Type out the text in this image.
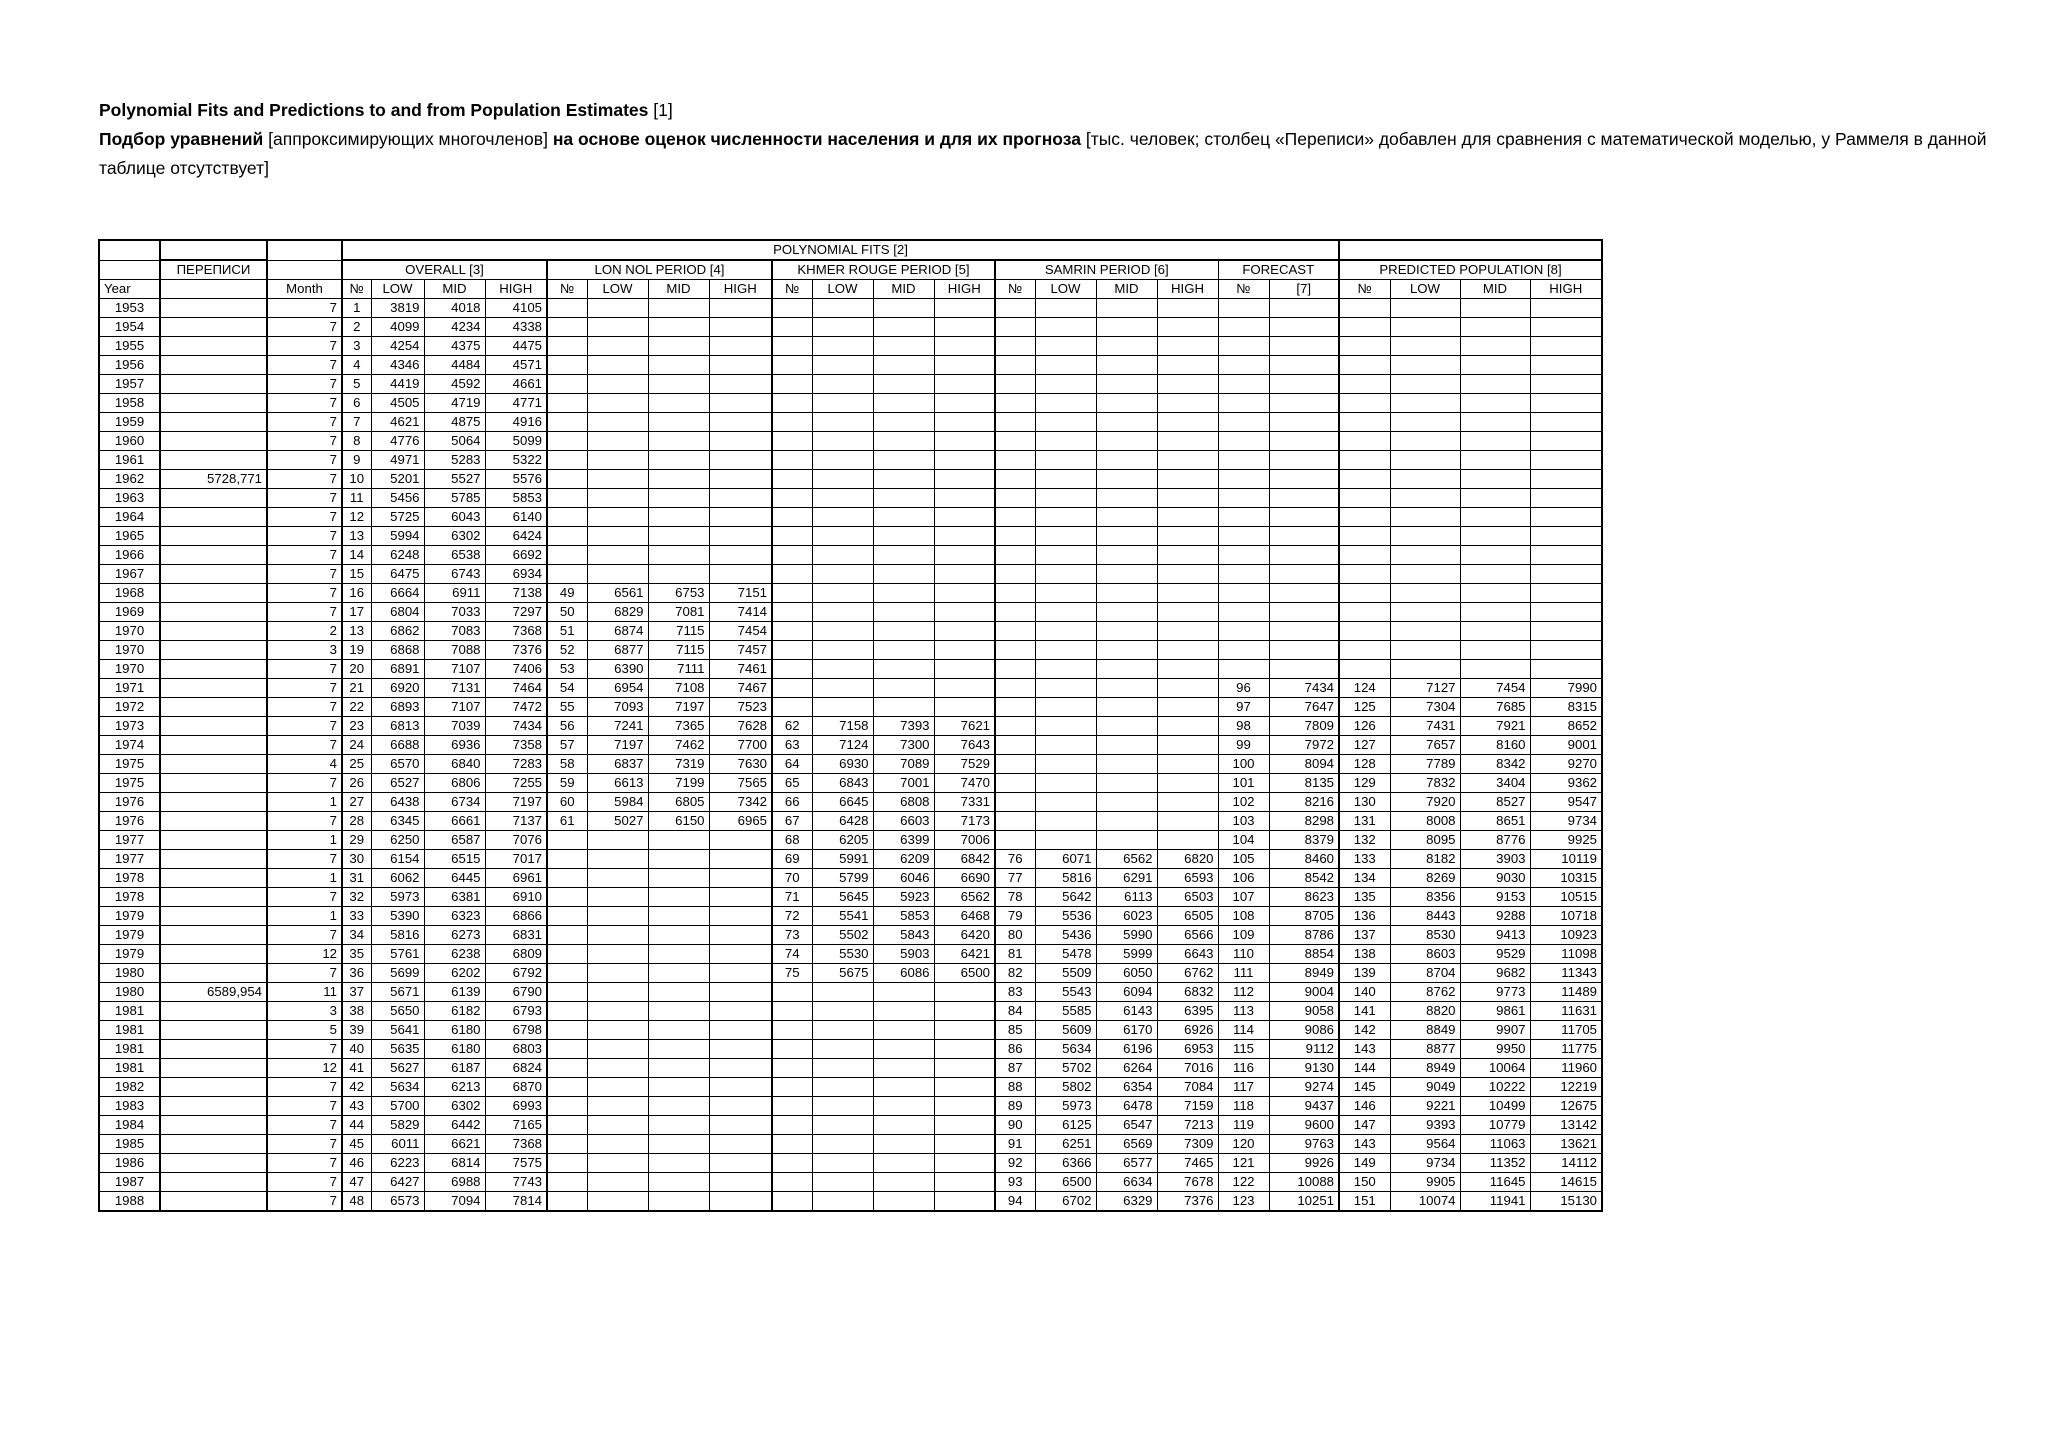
Polynomial Fits and Predictions to and from Population Estimates [1]
Подбор уравнений [аппроксимирующих многочленов] на основе оценок численности населения и для их прогноза [тыс. человек; столбец «Переписи» добавлен для сравнения с математической моделью, у Раммеля в данной таблице отсутствует]
			POLYNOMIAL FITS [2]																					
	ПЕРЕПИСИ		OVERALL [3]				LON NOL PERIOD [4]				KHMER ROUGE PERIOD [5]				SAMRIN PERIOD [6]				FORECAST		PREDICTED POPULATION [8]			
Year		Month	№	LOW	MID	HIGH	№	LOW	MID	HIGH	№	LOW	MID	HIGH	№	LOW	MID	HIGH	№	[7]	№	LOW	MID	HIGH
1953		7	1	3819	4018	4105																		
1954		7	2	4099	4234	4338																		
1955		7	3	4254	4375	4475																		
1956		7	4	4346	4484	4571																		
1957		7	5	4419	4592	4661																		
1958		7	6	4505	4719	4771																		
1959		7	7	4621	4875	4916																		
1960		7	8	4776	5064	5099																		
1961		7	9	4971	5283	5322																		
1962	5728,771	7	10	5201	5527	5576																		
1963		7	11	5456	5785	5853																		
1964		7	12	5725	6043	6140																		
1965		7	13	5994	6302	6424																		
1966		7	14	6248	6538	6692																		
1967		7	15	6475	6743	6934																		
1968		7	16	6664	6911	7138	49	6561	6753	7151														
1969		7	17	6804	7033	7297	50	6829	7081	7414														
1970		2	13	6862	7083	7368	51	6874	7115	7454														
1970		3	19	6868	7088	7376	52	6877	7115	7457														
1970		7	20	6891	7107	7406	53	6390	7111	7461														
1971		7	21	6920	7131	7464	54	6954	7108	7467									96	7434	124	7127	7454	7990
1972		7	22	6893	7107	7472	55	7093	7197	7523									97	7647	125	7304	7685	8315
1973		7	23	6813	7039	7434	56	7241	7365	7628	62	7158	7393	7621					98	7809	126	7431	7921	8652
1974		7	24	6688	6936	7358	57	7197	7462	7700	63	7124	7300	7643					99	7972	127	7657	8160	9001
1975		4	25	6570	6840	7283	58	6837	7319	7630	64	6930	7089	7529					100	8094	128	7789	8342	9270
1975		7	26	6527	6806	7255	59	6613	7199	7565	65	6843	7001	7470					101	8135	129	7832	3404	9362
1976		1	27	6438	6734	7197	60	5984	6805	7342	66	6645	6808	7331					102	8216	130	7920	8527	9547
1976		7	28	6345	6661	7137	61	5027	6150	6965	67	6428	6603	7173					103	8298	131	8008	8651	9734
1977		1	29	6250	6587	7076					68	6205	6399	7006					104	8379	132	8095	8776	9925
1977		7	30	6154	6515	7017					69	5991	6209	6842	76	6071	6562	6820	105	8460	133	8182	3903	10119
1978		1	31	6062	6445	6961					70	5799	6046	6690	77	5816	6291	6593	106	8542	134	8269	9030	10315
1978		7	32	5973	6381	6910					71	5645	5923	6562	78	5642	6113	6503	107	8623	135	8356	9153	10515
1979		1	33	5390	6323	6866					72	5541	5853	6468	79	5536	6023	6505	108	8705	136	8443	9288	10718
1979		7	34	5816	6273	6831					73	5502	5843	6420	80	5436	5990	6566	109	8786	137	8530	9413	10923
1979		12	35	5761	6238	6809					74	5530	5903	6421	81	5478	5999	6643	110	8854	138	8603	9529	11098
1980		7	36	5699	6202	6792					75	5675	6086	6500	82	5509	6050	6762	111	8949	139	8704	9682	11343
1980	6589,954	11	37	5671	6139	6790									83	5543	6094	6832	112	9004	140	8762	9773	11489
1981		3	38	5650	6182	6793									84	5585	6143	6395	113	9058	141	8820	9861	11631
1981		5	39	5641	6180	6798									85	5609	6170	6926	114	9086	142	8849	9907	11705
1981		7	40	5635	6180	6803									86	5634	6196	6953	115	9112	143	8877	9950	11775
1981		12	41	5627	6187	6824									87	5702	6264	7016	116	9130	144	8949	10064	11960
1982		7	42	5634	6213	6870									88	5802	6354	7084	117	9274	145	9049	10222	12219
1983		7	43	5700	6302	6993									89	5973	6478	7159	118	9437	146	9221	10499	12675
1984		7	44	5829	6442	7165									90	6125	6547	7213	119	9600	147	9393	10779	13142
1985		7	45	6011	6621	7368									91	6251	6569	7309	120	9763	143	9564	11063	13621
1986		7	46	6223	6814	7575									92	6366	6577	7465	121	9926	149	9734	11352	14112
1987		7	47	6427	6988	7743									93	6500	6634	7678	122	10088	150	9905	11645	14615
1988		7	48	6573	7094	7814									94	6702	6329	7376	123	10251	151	10074	11941	15130
